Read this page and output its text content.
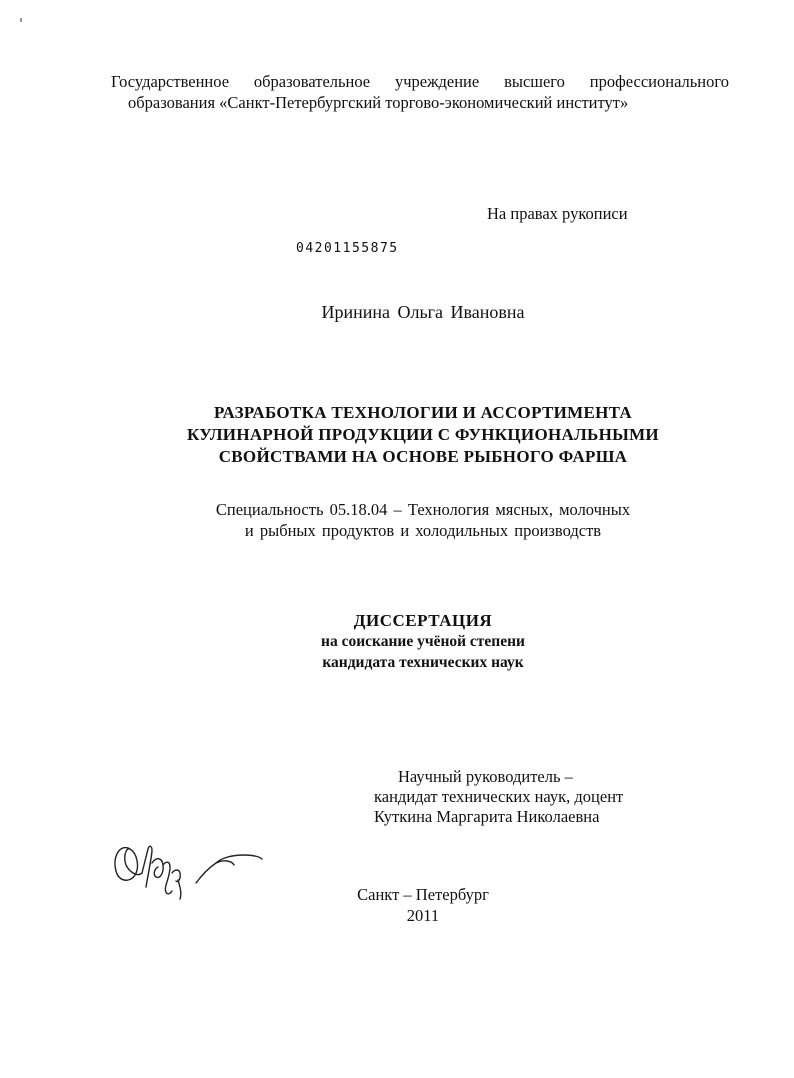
Государственное образовательное учреждение высшего профессионального
образования «Санкт-Петербургский торгово-экономический институт»
На правах рукописи
04201155875
Иринина Ольга Ивановна
РАЗРАБОТКА ТЕХНОЛОГИИ И АССОРТИМЕНТА
КУЛИНАРНОЙ ПРОДУКЦИИ С ФУНКЦИОНАЛЬНЫМИ
СВОЙСТВАМИ НА ОСНОВЕ РЫБНОГО ФАРША
Специальность 05.18.04 – Технология мясных, молочных
и рыбных продуктов и холодильных производств
ДИССЕРТАЦИЯ
на соискание учёной степени
кандидата технических наук
Научный руководитель –
кандидат технических наук, доцент
Куткина Маргарита Николаевна
Санкт – Петербург
2011
